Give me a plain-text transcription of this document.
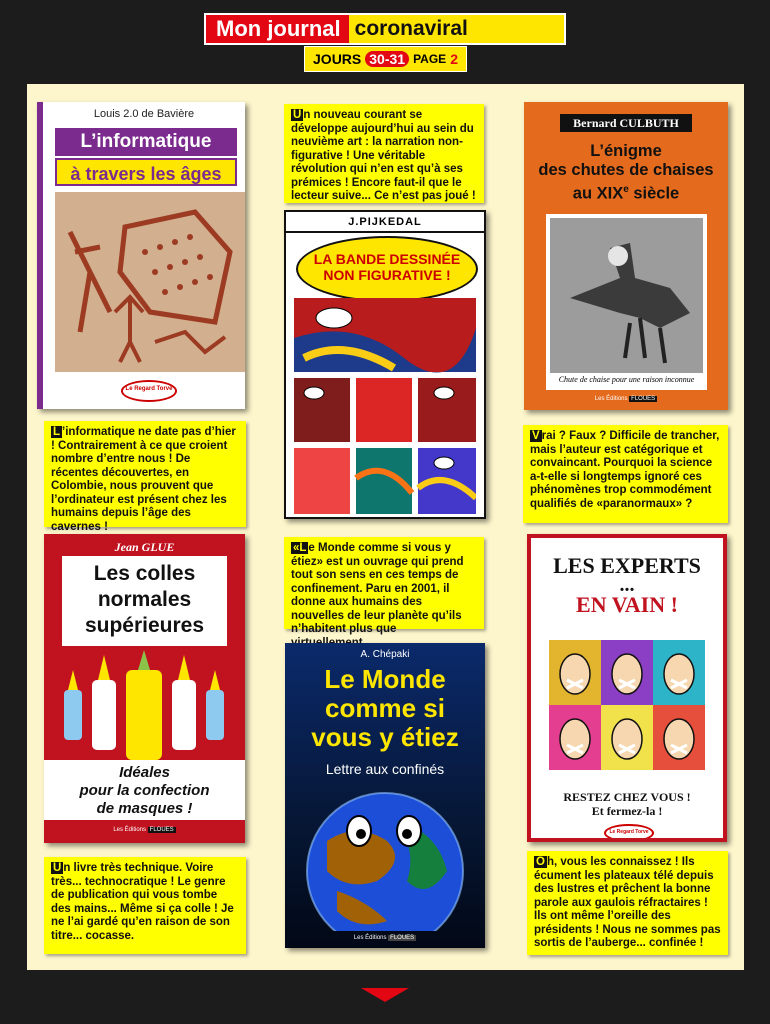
Mon journal coronaviral
JOURS 30-31 PAGE 2
Louis 2.0 de Bavière
L’informatique
à travers les âges
Le Regard Torve
U n nouveau courant se développe aujourd’hui au sein du neuvième art : la narration non-figurative ! Une véritable révolution qui n’en est qu’à ses prémices ! Encore faut-il que le lecteur suive... Ce n’est pas joué !
J.PIJKEDAL
LA BANDE DESSINÉE
NON FIGURATIVE !
Bernard CULBUTH
L’énigme
des chutes de chaises
au XIXe siècle
Chute de chaise pour une raison inconnue
Les Éditions FLOUES
L ’informatique ne date pas d’hier ! Contrairement à ce que croient nombre d’entre nous ! De récentes découvertes, en Colombie, nous prouvent que l’ordinateur est présent chez les humains depuis l’âge des cavernes !
V rai ? Faux ? Difficile de trancher, mais l’auteur est catégorique et convaincant. Pourquoi la science a-t-elle si longtemps ignoré ces phénomènes trop commodément qualifiés de «paranormaux» ?
Jean GLUE
Les colles
normales
supérieures
Idéales
pour la confection
de masques !
Les Éditions FLOUES
«L e Monde comme si vous y étiez» est un ouvrage qui prend tout son sens en ces temps de confinement. Paru en 2001, il donne aux humains des nouvelles de leur planète qu’ils n’habitent plus que
A. Chépaki
Le Monde
comme si
vous y étiez
Lettre aux confinés
Les Éditions FLOUES
LES EXPERTS
...
EN VAIN !
RESTEZ CHEZ VOUS !
Et fermez-la !
Le Regard Torve
U n livre très technique. Voire très... technocratique ! Le genre de publication qui vous tombe des mains... Même si ça colle ! Je ne l’ai gardé qu’en raison de son titre... cocasse.
O h, vous les connaissez ! Ils écument les plateaux télé depuis des lustres et prêchent la bonne parole aux gaulois réfractaires ! Ils ont même l’oreille des présidents ! Nous ne sommes pas sortis de l’auberge... confinée !
